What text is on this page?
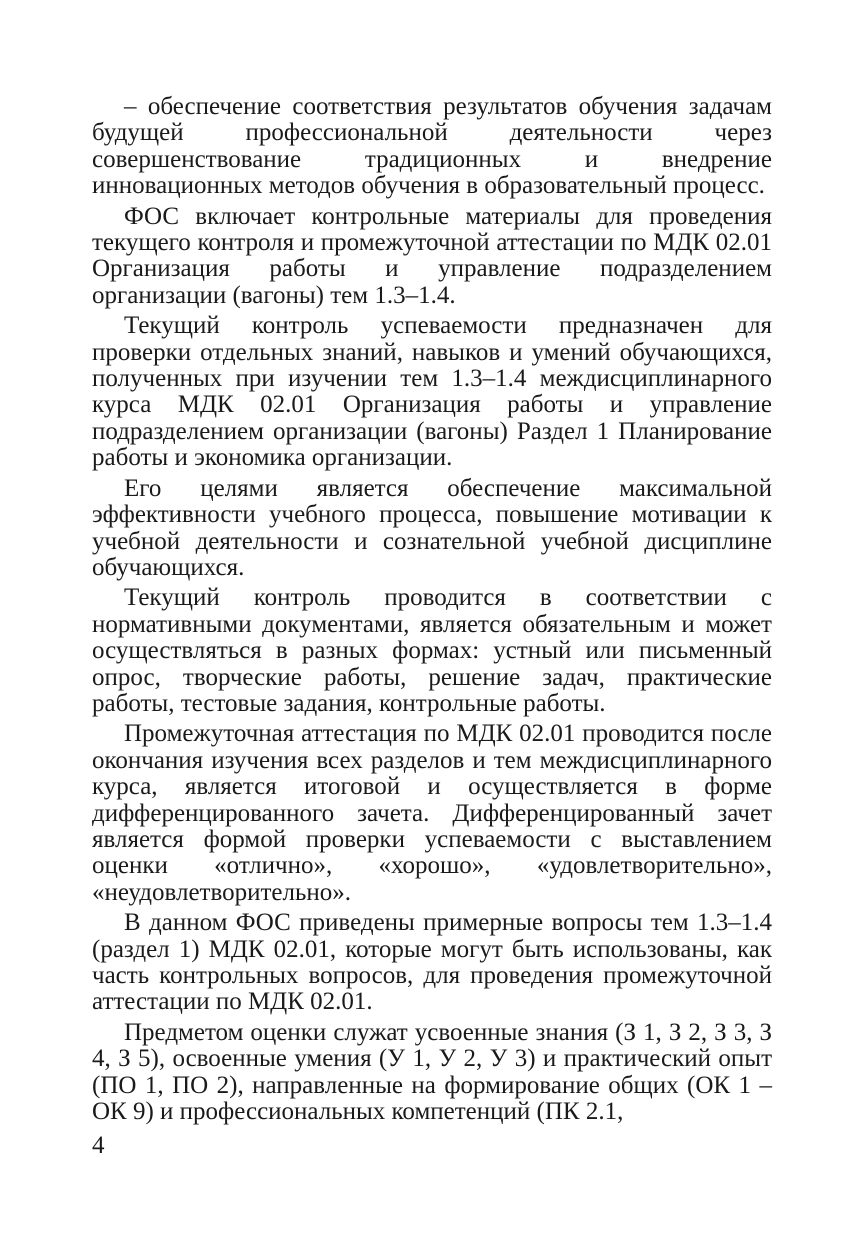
– обеспечение соответствия результатов обучения задачам будущей профессиональной деятельности через совершенствование традиционных и внедрение инновационных методов обучения в образовательный процесс.

ФОС включает контрольные материалы для проведения текущего контроля и промежуточной аттестации по МДК 02.01 Организация работы и управление подразделением организации (вагоны) тем 1.3–1.4.

Текущий контроль успеваемости предназначен для проверки отдельных знаний, навыков и умений обучающихся, полученных при изучении тем 1.3–1.4 междисциплинарного курса МДК 02.01 Организация работы и управление подразделением организации (вагоны) Раздел 1 Планирование работы и экономика организации.

Его целями является обеспечение максимальной эффективности учебного процесса, повышение мотивации к учебной деятельности и сознательной учебной дисциплине обучающихся.

Текущий контроль проводится в соответствии с нормативными документами, является обязательным и может осуществляться в разных формах: устный или письменный опрос, творческие работы, решение задач, практические работы, тестовые задания, контрольные работы.

Промежуточная аттестация по МДК 02.01 проводится после окончания изучения всех разделов и тем междисциплинарного курса, является итоговой и осуществляется в форме дифференцированного зачета. Дифференцированный зачет является формой проверки успеваемости с выставлением оценки «отлично», «хорошо», «удовлетворительно», «неудовлетворительно».

В данном ФОС приведены примерные вопросы тем 1.3–1.4 (раздел 1) МДК 02.01, которые могут быть использованы, как часть контрольных вопросов, для проведения промежуточной аттестации по МДК 02.01.

Предметом оценки служат усвоенные знания (З 1, З 2, З 3, З 4, З 5), освоенные умения (У 1, У 2, У 3) и практический опыт (ПО 1, ПО 2), направленные на формирование общих (ОК 1 – ОК 9) и профессиональных компетенций (ПК 2.1,

4
